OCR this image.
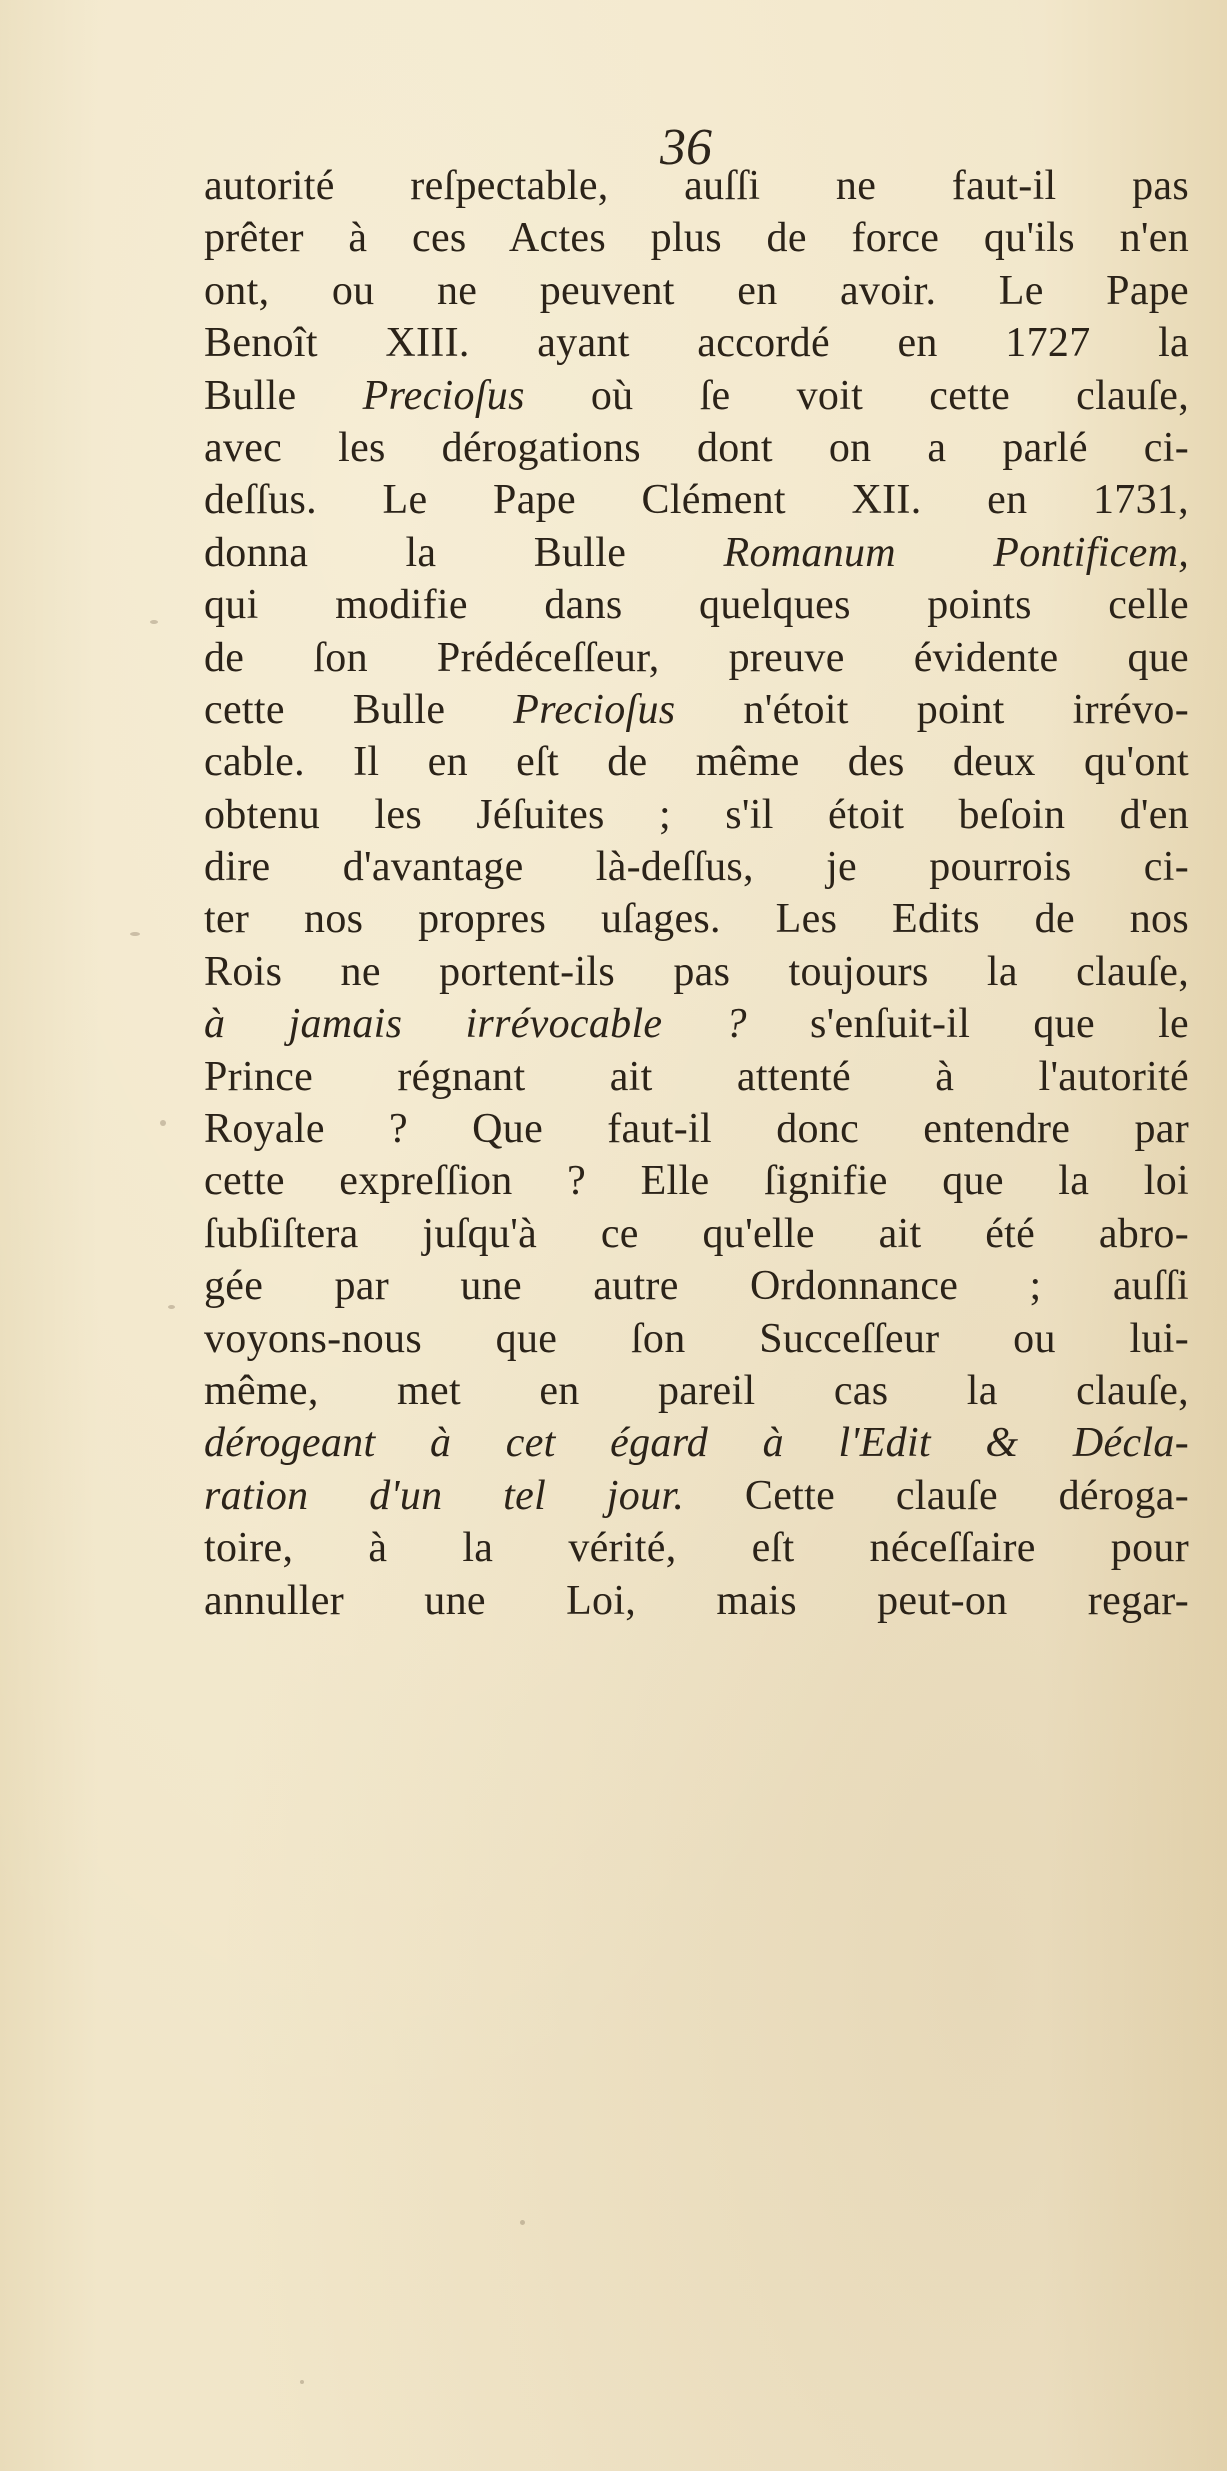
36
autorité reſpectable, auſſi ne faut-il pas
prêter à ces Actes plus de force qu'ils n'en
ont, ou ne peuvent en avoir. Le Pape
Benoît XIII. ayant accordé en 1727 la
Bulle Precioſus où ſe voit cette clauſe,
avec les dérogations dont on a parlé ci-
deſſus. Le Pape Clément XII. en 1731,
donna la Bulle Romanum Pontificem,
qui modifie dans quelques points celle
de ſon Prédéceſſeur, preuve évidente que
cette Bulle Precioſus n'étoit point irrévo-
cable. Il en eſt de même des deux qu'ont
obtenu les Jéſuites ; s'il étoit beſoin d'en
dire d'avantage là-deſſus, je pourrois ci-
ter nos propres uſages. Les Edits de nos
Rois ne portent-ils pas toujours la clauſe,
à jamais irrévocable ? s'enſuit-il que le
Prince régnant ait attenté à l'autorité
Royale ? Que faut-il donc entendre par
cette expreſſion ? Elle ſignifie que la loi
ſubſiſtera juſqu'à ce qu'elle ait été abro-
gée par une autre Ordonnance ; auſſi
voyons-nous que ſon Succeſſeur ou lui-
même, met en pareil cas la clauſe,
dérogeant à cet égard à l'Edit & Décla-
ration d'un tel jour. Cette clauſe déroga-
toire, à la vérité, eſt néceſſaire pour
annuller une Loi, mais peut-on regar-
